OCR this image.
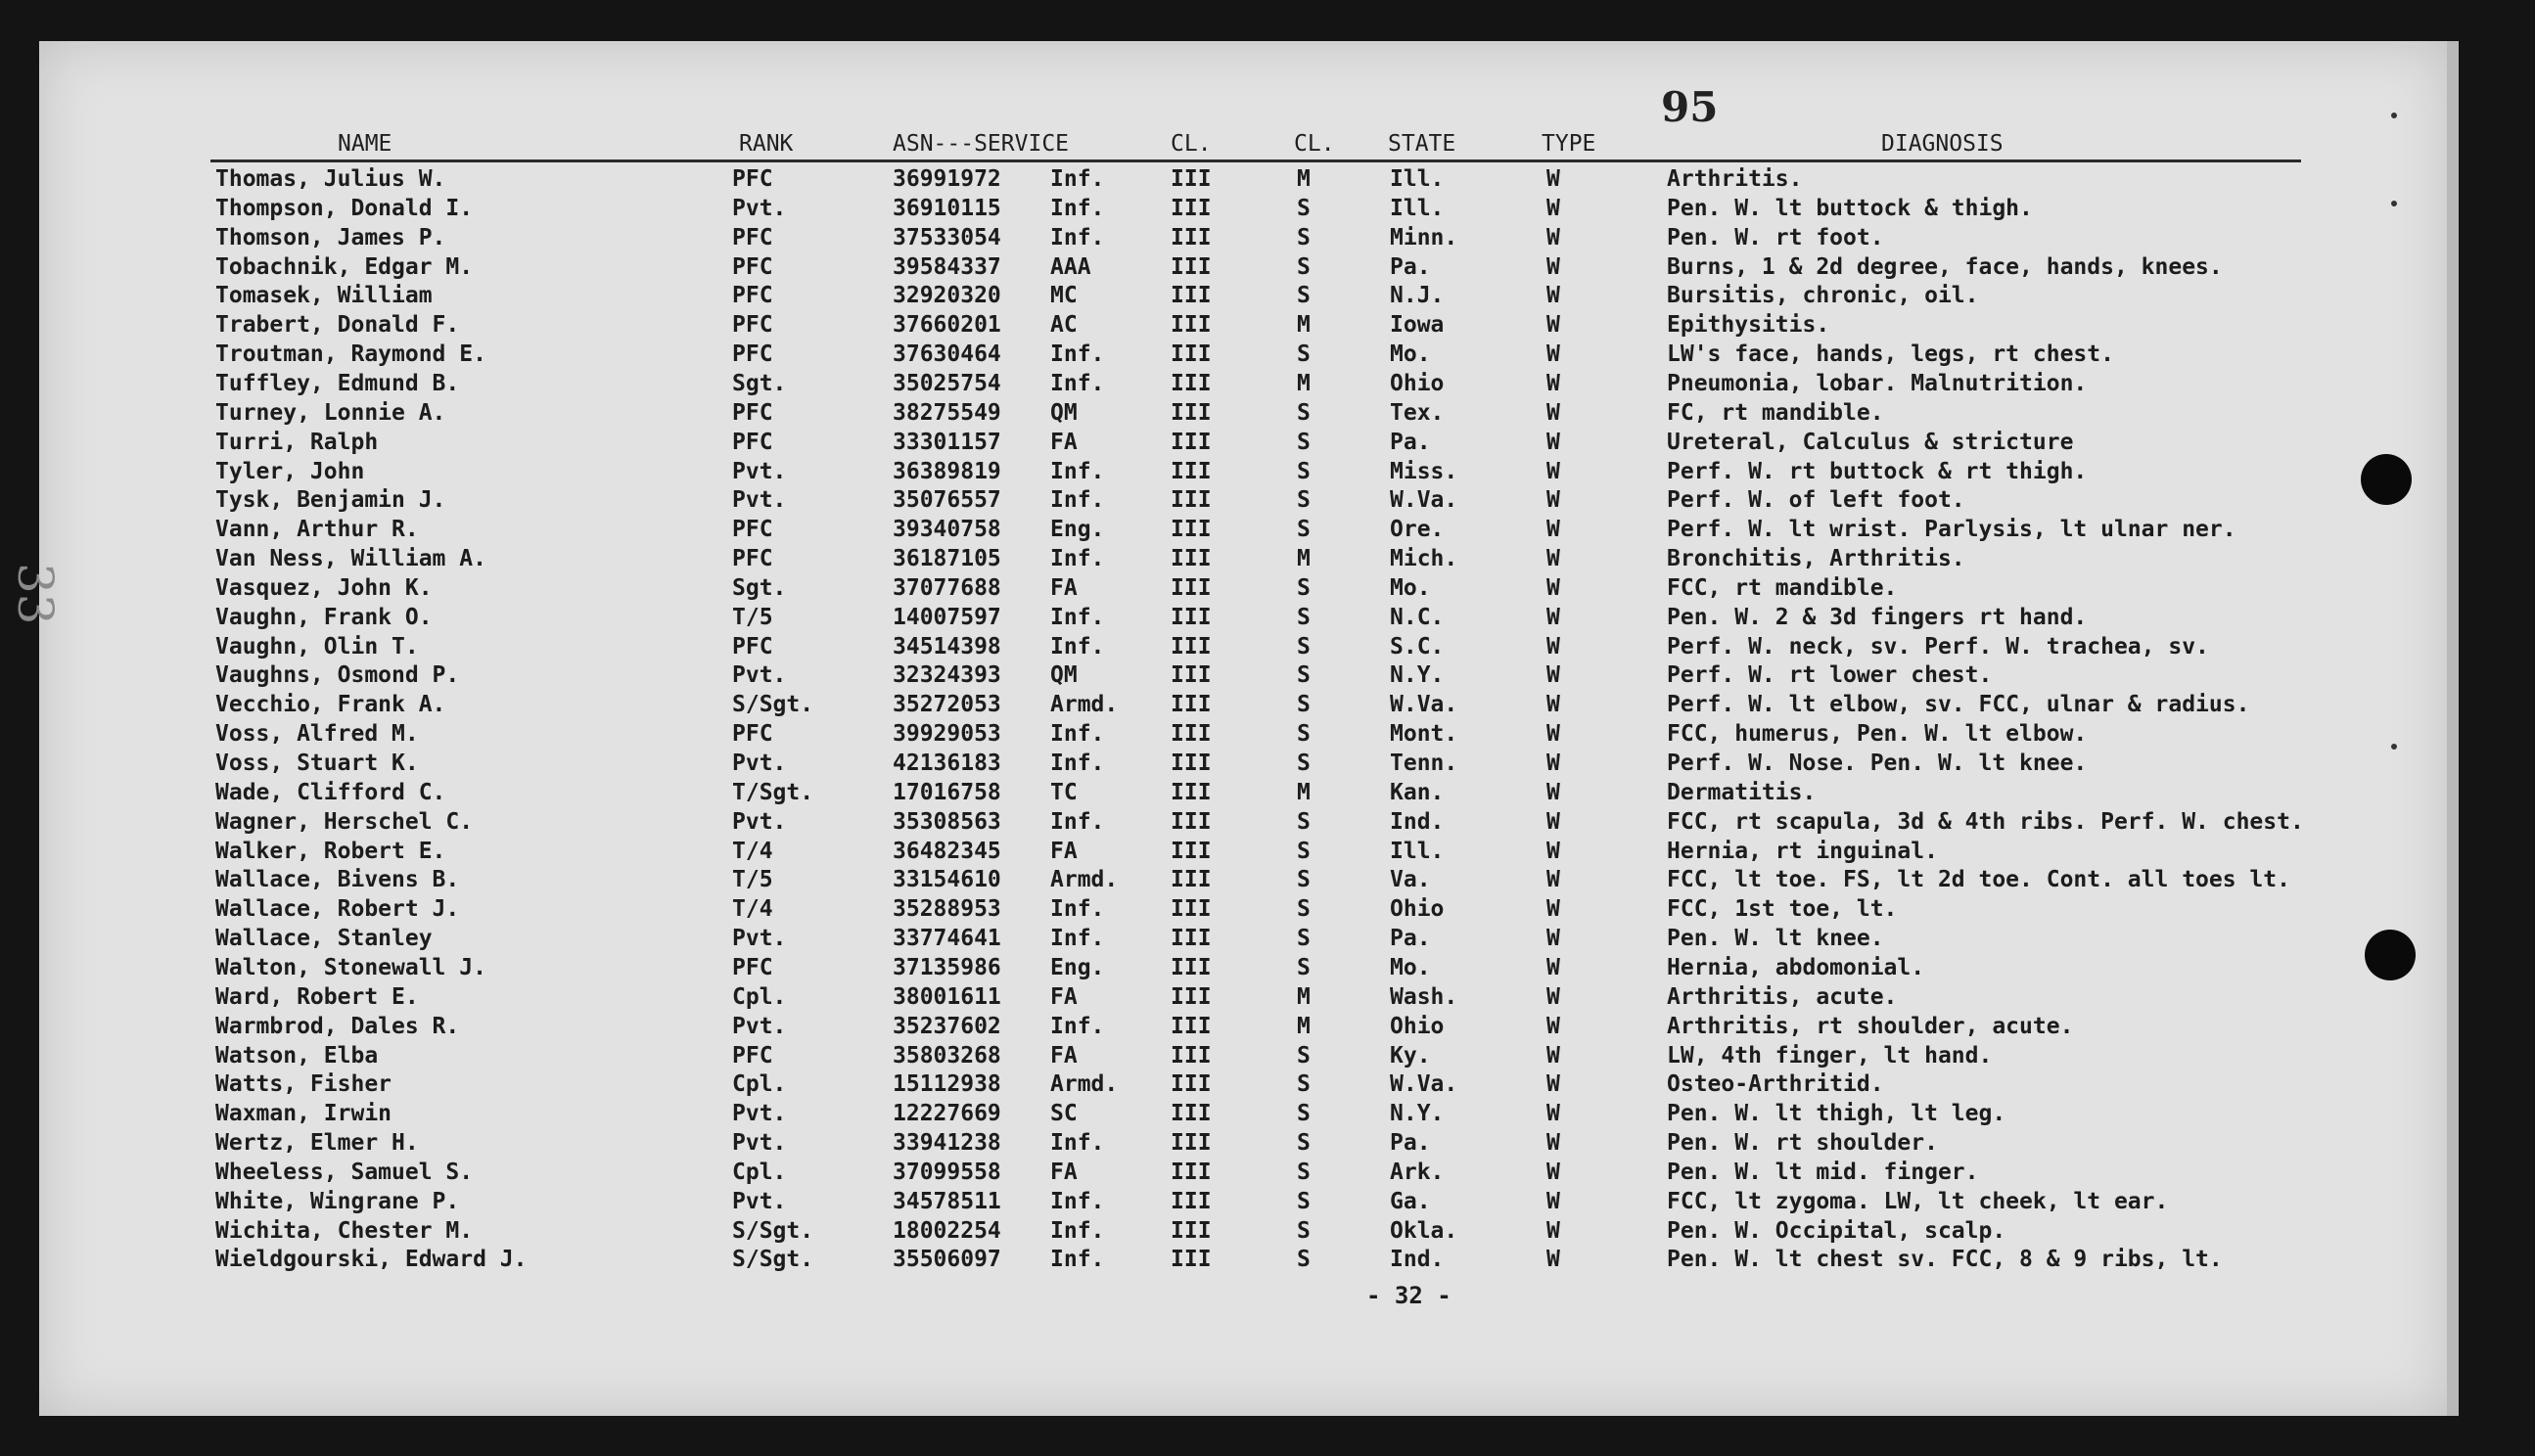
95
33
NAME	RANK	ASN---SERVICE	CL.	CL. STATE	TYPE	DIAGNOSIS
Thomas, Julius W.	PFC	36991972 Inf.	III	M	Ill.	W	Arthritis.
Thompson, Donald I.	Pvt.	36910115 Inf.	III	S	Ill.	W	Pen. W. lt buttock & thigh.
Thomson, James P.	PFC	37533054 Inf.	III	S	Minn.	W	Pen. W. rt foot.
Tobachnik, Edgar M.	PFC	39584337 AAA	III	S	Pa.	W	Burns, 1 & 2d degree, face, hands, knees.
Tomasek, William	PFC	32920320 MC	III	S	N.J.	W	Bursitis, chronic, oil.
Trabert, Donald F.	PFC	37660201 AC	III	M	Iowa	W	Epithysitis.
Troutman, Raymond E.	PFC	37630464 Inf.	III	S	Mo.	W	LW's face, hands, legs, rt chest.
Tuffley, Edmund B.	Sgt.	35025754 Inf.	III	M	Ohio	W	Pneumonia, lobar. Malnutrition.
Turney, Lonnie A.	PFC	38275549 QM	III	S	Tex.	W	FC, rt mandible.
Turri, Ralph	PFC	33301157 FA	III	S	Pa.	W	Ureteral, Calculus & stricture
Tyler, John	Pvt.	36389819 Inf.	III	S	Miss.	W	Perf. W. rt buttock & rt thigh.
Tysk, Benjamin J.	Pvt.	35076557 Inf.	III	S	W.Va.	W	Perf. W. of left foot.
Vann, Arthur R.	PFC	39340758 Eng.	III	S	Ore.	W	Perf. W. lt wrist. Parlysis, lt ulnar ner.
Van Ness, William A.	PFC	36187105 Inf.	III	M	Mich.	W	Bronchitis, Arthritis.
Vasquez, John K.	Sgt.	37077688 FA	III	S	Mo.	W	FCC, rt mandible.
Vaughn, Frank O.	T/5	14007597 Inf.	III	S	N.C.	W	Pen. W. 2 & 3d fingers rt hand.
Vaughn, Olin T.	PFC	34514398 Inf.	III	S	S.C.	W	Perf. W. neck, sv. Perf. W. trachea, sv.
Vaughns, Osmond P.	Pvt.	32324393 QM	III	S	N.Y.	W	Perf. W. rt lower chest.
Vecchio, Frank A.	S/Sgt.	35272053 Armd. III	S	W.Va.	W	Perf. W. lt elbow, sv. FCC, ulnar & radius.
Voss, Alfred M.	PFC	39929053 Inf.	III	S	Mont.	W	FCC, humerus, Pen. W. lt elbow.
Voss, Stuart K.	Pvt.	42136183 Inf.	III	S	Tenn.	W	Perf. W. Nose. Pen. W. lt knee.
Wade, Clifford C.	T/Sgt.	17016758 TC	III	M	Kan.	W	Dermatitis.
Wagner, Herschel C.	Pvt.	35308563 Inf.	III	S	Ind.	W	FCC, rt scapula, 3d & 4th ribs. Perf. W. chest.
Walker, Robert E.	T/4	36482345 FA	III	S	Ill.	W	Hernia, rt inguinal.
Wallace, Bivens B.	T/5	33154610 Armd. III	S	Va.	W	FCC, lt toe. FS, lt 2d toe. Cont. all toes lt.
Wallace, Robert J.	T/4	35288953 Inf.	III	S	Ohio	W	FCC, 1st toe, lt.
Wallace, Stanley	Pvt.	33774641 Inf.	III	S	Pa.	W	Pen. W. lt knee.
Walton, Stonewall J.	PFC	37135986 Eng.	III	S	Mo.	W	Hernia, abdomonial.
Ward, Robert E.	Cpl.	38001611 FA	III	M	Wash.	W	Arthritis, acute.
Warmbrod, Dales R.	Pvt.	35237602 Inf.	III	M	Ohio	W	Arthritis, rt shoulder, acute.
Watson, Elba	PFC	35803268 FA	III	S	Ky.	W	LW, 4th finger, lt hand.
Watts, Fisher	Cpl.	15112938 Armd. III	S	W.Va.	W	Osteo-Arthritid.
Waxman, Irwin	Pvt.	12227669 SC	III	S	N.Y.	W	Pen. W. lt thigh, lt leg.
Wertz, Elmer H.	Pvt.	33941238 Inf.	III	S	Pa.	W	Pen. W. rt shoulder.
Wheeless, Samuel S.	Cpl.	37099558 FA	III	S	Ark.	W	Pen. W. lt mid. finger.
White, Wingrane P.	Pvt.	34578511 Inf.	III	S	Ga.	W	FCC, lt zygoma. LW, lt cheek, lt ear.
Wichita, Chester M.	S/Sgt.	18002254 Inf.	III	S	Okla.	W	Pen. W. Occipital, scalp.
Wieldgourski, Edward J.	S/Sgt.	35506097 Inf.	III	S	Ind.	W	Pen. W. lt chest sv. FCC, 8 & 9 ribs, lt.
- 32 -
